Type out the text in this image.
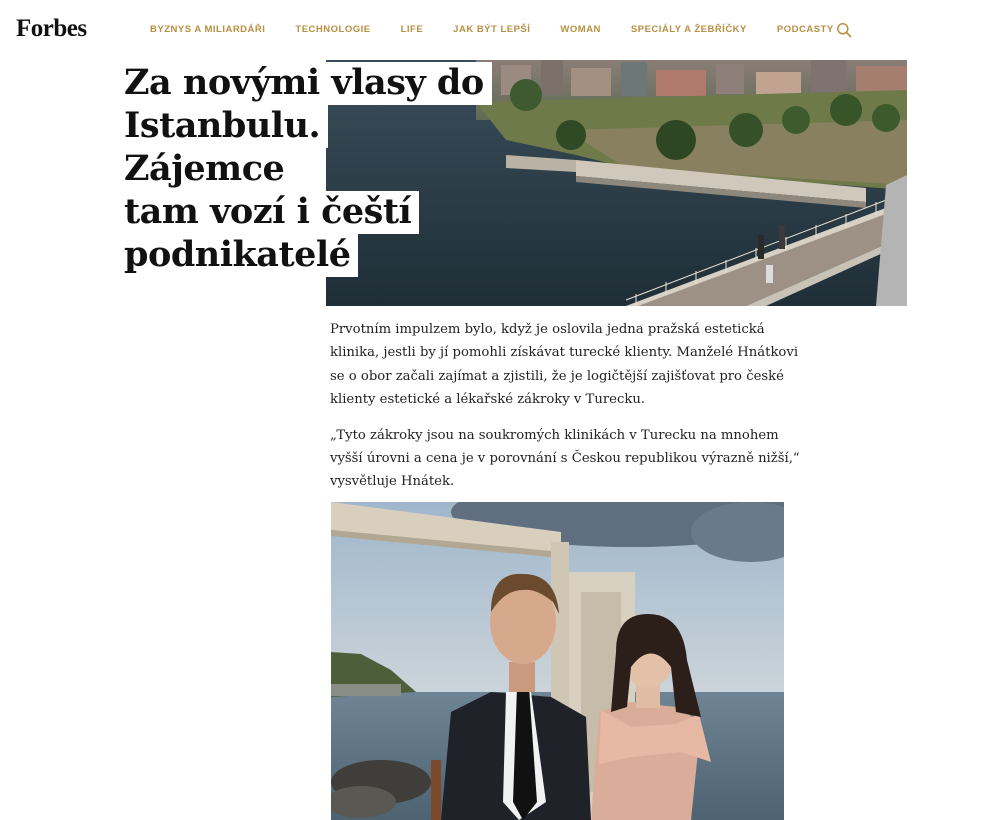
Forbes	BYZNYS A MILIARDÁŘI	TECHNOLOGIE	LIFE	JAK BÝT LEPŠÍ	WOMAN	SPECIÁLY A ŽEBŘÍČKY	PODCASTY
Za novými vlasy do
Istanbulu. Zájemce
tam vozí i čeští
podnikatelé

Prvotním impulzem bylo, když je oslovila jedna pražská estetická klinika, jestli by jí pomohli získávat turecké klienty. Manželé Hnátkovi se o obor začali zajímat a zjistili, že je logičtější zajišťovat pro české klienty estetické a lékařské zákroky v Turecku.

„Tyto zákroky jsou na soukromých klinikách v Turecku na mnohem vyšší úrovni a cena je v porovnání s Českou republikou výrazně nižší,“ vysvětluje Hnátek.
